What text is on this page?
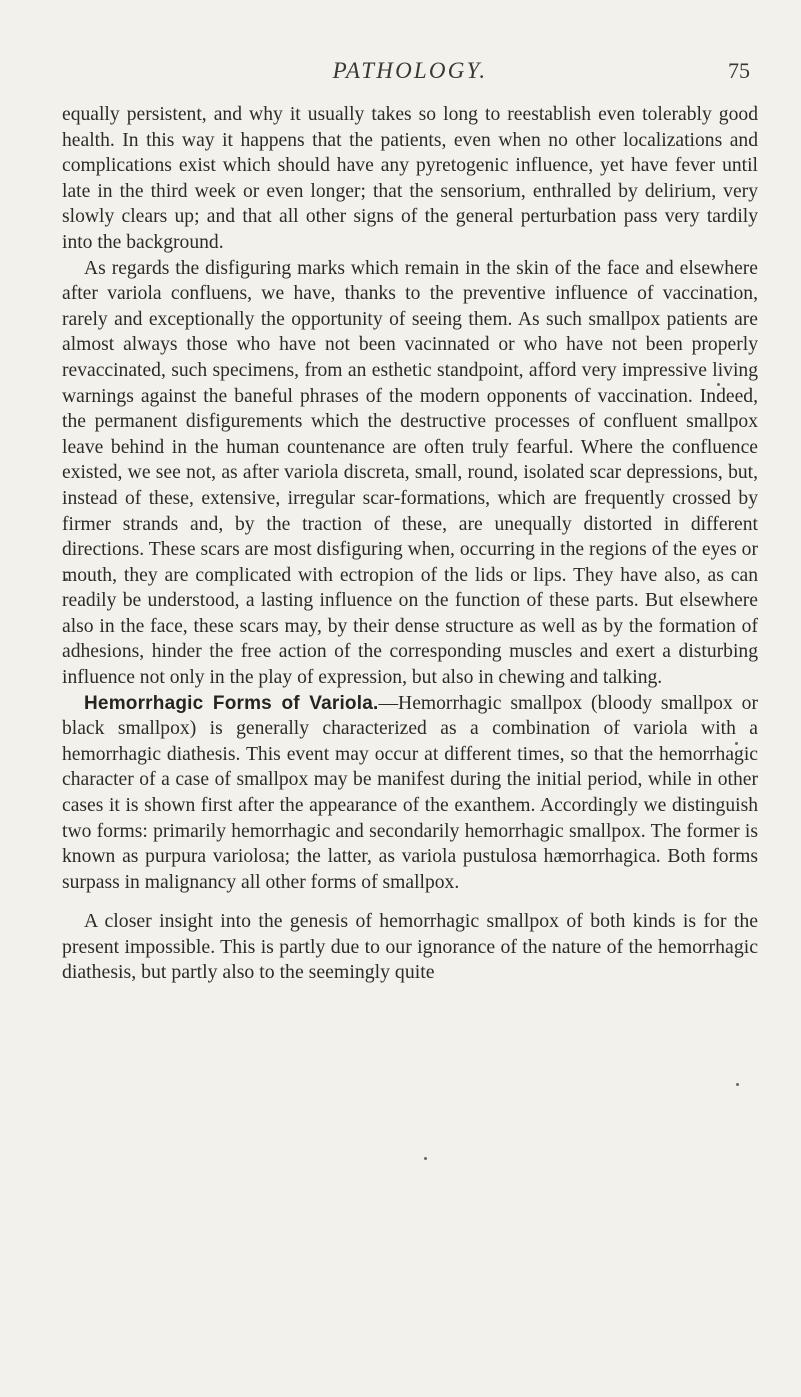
PATHOLOGY.	75

equally persistent, and why it usually takes so long to reestablish even tolerably good health. In this way it happens that the patients, even when no other localizations and complications exist which should have any pyretogenic influence, yet have fever until late in the third week or even longer; that the sensorium, enthralled by delirium, very slowly clears up; and that all other signs of the general perturbation pass very tardily into the background.

As regards the disfiguring marks which remain in the skin of the face and elsewhere after variola confluens, we have, thanks to the preventive influence of vaccination, rarely and exceptionally the opportunity of seeing them. As such smallpox patients are almost always those who have not been vacinnated or who have not been properly revaccinated, such specimens, from an esthetic standpoint, afford very impressive living warnings against the baneful phrases of the modern opponents of vaccination. Indeed, the permanent disfigurements which the destructive processes of confluent smallpox leave behind in the human countenance are often truly fearful. Where the confluence existed, we see not, as after variola discreta, small, round, isolated scar depressions, but, instead of these, extensive, irregular scar-formations, which are frequently crossed by firmer strands and, by the traction of these, are unequally distorted in different directions. These scars are most disfiguring when, occurring in the regions of the eyes or mouth, they are complicated with ectropion of the lids or lips. They have also, as can readily be understood, a lasting influence on the function of these parts. But elsewhere also in the face, these scars may, by their dense structure as well as by the formation of adhesions, hinder the free action of the corresponding muscles and exert a disturbing influence not only in the play of expression, but also in chewing and talking.

Hemorrhagic Forms of Variola.—Hemorrhagic smallpox (bloody smallpox or black smallpox) is generally characterized as a combination of variola with a hemorrhagic diathesis. This event may occur at different times, so that the hemorrhagic character of a case of smallpox may be manifest during the initial period, while in other cases it is shown first after the appearance of the exanthem. Accordingly we distinguish two forms: primarily hemorrhagic and secondarily hemorrhagic smallpox. The former is known as purpura variolosa; the latter, as variola pustulosa hæmorrhagica. Both forms surpass in malignancy all other forms of smallpox.

A closer insight into the genesis of hemorrhagic smallpox of both kinds is for the present impossible. This is partly due to our ignorance of the nature of the hemorrhagic diathesis, but partly also to the seemingly quite
